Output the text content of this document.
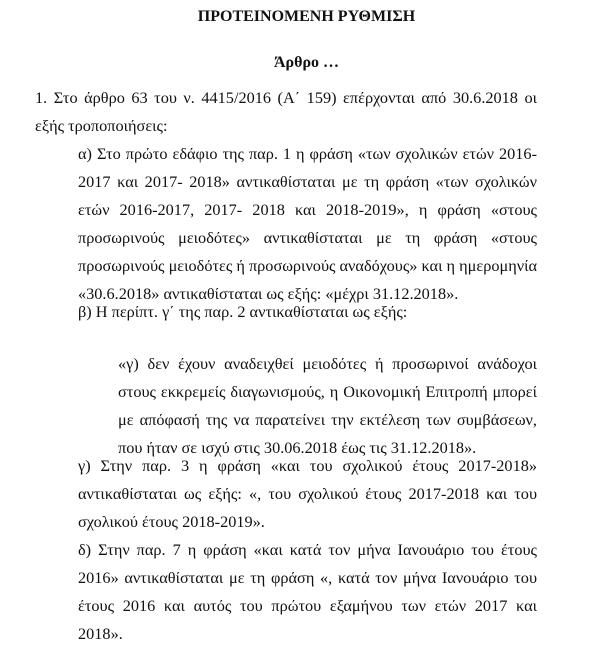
ΠΡΟΤΕΙΝΟΜΕΝΗ ΡΥΘΜΙΣΗ
Άρθρο …

1. Στο άρθρο 63 του ν. 4415/2016 (Α΄ 159) επέρχονται από 30.6.2018 οι εξής τροποποιήσεις:

α) Στο πρώτο εδάφιο της παρ. 1 η φράση «των σχολικών ετών 2016-2017 και 2017- 2018» αντικαθίσταται με τη φράση «των σχολικών ετών 2016-2017, 2017- 2018 και 2018-2019», η φράση «στους προσωρινούς μειοδότες» αντικαθίσταται με τη φράση «στους προσωρινούς μειοδότες ή προσωρινούς αναδόχους» και η ημερομηνία «30.6.2018» αντικαθίσταται ως εξής: «μέχρι 31.12.2018».

β) Η περίπτ. γ΄ της παρ. 2 αντικαθίσταται ως εξής:

«γ) δεν έχουν αναδειχθεί μειοδότες ή προσωρινοί ανάδοχοι στους εκκρεμείς διαγωνισμούς, η Οικονομική Επιτροπή μπορεί με απόφασή της να παρατείνει την εκτέλεση των συμβάσεων, που ήταν σε ισχύ στις 30.06.2018 έως τις 31.12.2018».

γ) Στην παρ. 3 η φράση «και του σχολικού έτους 2017-2018» αντικαθίσταται ως εξής: «, του σχολικού έτους 2017-2018 και του σχολικού έτους 2018-2019».

δ) Στην παρ. 7 η φράση «και κατά τον μήνα Ιανουάριο του έτους 2016» αντικαθίσταται με τη φράση «, κατά τον μήνα Ιανουάριο του έτους 2016 και αυτός του πρώτου εξαμήνου των ετών 2017 και 2018».
